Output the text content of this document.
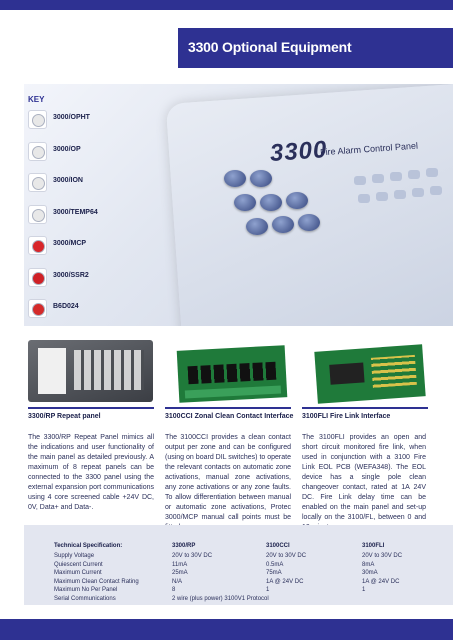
3300 Optional Equipment
3300
Fire Alarm Control Panel
KEY
3000/OPHT
3000/OP
3000/ION
3000/TEMP64
3000/MCP
3000/SSR2
B6D024
3300/RP Repeat panel
The 3300/RP Repeat Panel mimics all the indications and user functionality of the main panel as detailed previously. A maximum of 8 repeat panels can be connected to the 3300 panel using the external expansion port communications using 4 core screened cable +24V DC, 0V, Data+ and Data-.
3100CCI Zonal Clean Contact Interface
The 3100CCI provides a clean contact output per zone and can be configured (using on board DIL switches) to operate the relevant contacts on automatic zone activations, manual zone activations, any zone activations or any zone faults. To allow differentiation between manual or automatic zone activations, Protec 3000/MCP manual call points must be
3100FLI Fire Link Interface
The 3100FLI provides an open and short circuit monitored fire link, when used in conjunction with a 3100 Fire Link EOL PCB (WEFA348). The EOL device has a single pole clean changeover contact, rated at 1A 24V DC. Fire Link delay time can be enabled on the main panel and set-up locally on the 3100/FL, between 0 and
Technical Specification:	3300/RP	3100CCI	3100FLI
Supply Voltage	20V to 30V DC	20V to 30V DC	20V to 30V DC
Quiescent Current	11mA	0.5mA	8mA
Maximum Current	25mA	75mA	30mA
Maximum Clean Contact Rating	N/A	1A @ 24V DC	1A @ 24V DC
Maximum No Per Panel	8	1	1
Serial Communications	2 wire (plus power) 3100V1 Protocol
